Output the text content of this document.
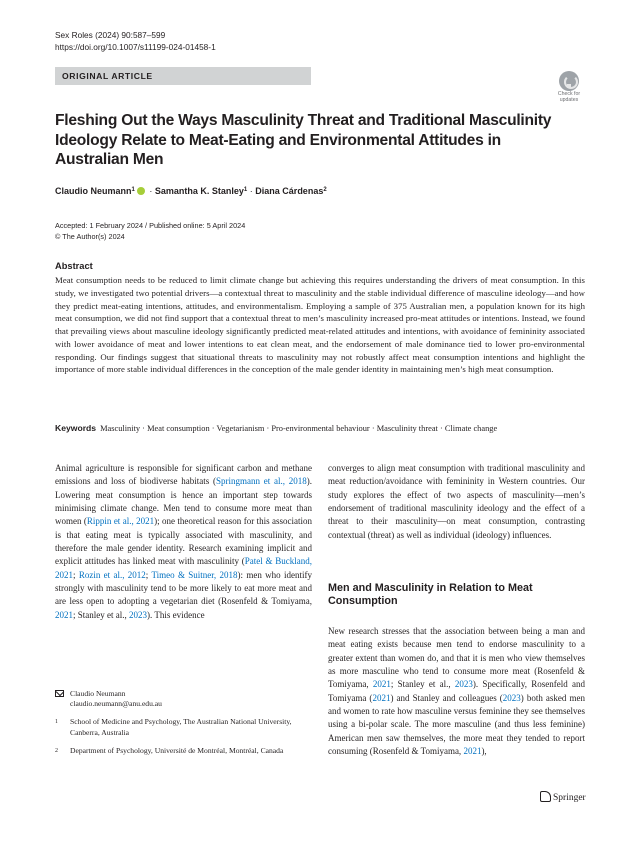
Sex Roles (2024) 90:587–599
https://doi.org/10.1007/s11199-024-01458-1
ORIGINAL ARTICLE
Check for
updates
Fleshing Out the Ways Masculinity Threat and Traditional Masculinity Ideology Relate to Meat-Eating and Environmental Attitudes in Australian Men
Claudio Neumann$^1$ · Samantha K. Stanley$^1$ · Diana Cárdenas$^2$
Accepted: 1 February 2024 / Published online: 5 April 2024
© The Author(s) 2024
Abstract

Meat consumption needs to be reduced to limit climate change but achieving this requires understanding the drivers of meat consumption. In this study, we investigated two potential drivers—a contextual threat to masculinity and the stable individual difference of masculine ideology—and how they predict meat-eating intentions, attitudes, and environmentalism. Employing a sample of 375 Australian men, a population known for its high meat consumption, we did not find support that a contextual threat to men’s masculinity increased pro-meat attitudes or intentions. Instead, we found that prevailing views about masculine ideology significantly predicted meat-related attitudes and intentions, with avoidance of femininity associated with lower avoidance of meat and lower intentions to eat clean meat, and the endorsement of male dominance tied to lower pro-environmental responding. Our findings suggest that situational threats to masculinity may not robustly affect meat consumption intentions and highlight the importance of more stable individual differences in the conception of the male gender identity in maintaining men’s high meat consumption.

Keywords Masculinity · Meat consumption · Vegetarianism · Pro-environmental behaviour · Masculinity threat · Climate change

Animal agriculture is responsible for significant carbon and methane emissions and loss of biodiverse habitats (Springmann et al., 2018). Lowering meat consumption is hence an important step towards minimising climate change. Men tend to consume more meat than women (Rippin et al., 2021); one theoretical reason for this association is that eating meat is typically associated with masculinity, and therefore the male gender identity. Research examining implicit and explicit attitudes has linked meat with masculinity (Patel & Buckland, 2021; Rozin et al., 2012; Timeo & Suitner, 2018): men who identify strongly with masculinity tend to be more likely to eat more meat and are less open to adopting a vegetarian diet (Rosenfeld & Tomiyama, 2021; Stanley et al., 2023). This evidence

converges to align meat consumption with traditional masculinity and meat reduction/avoidance with femininity in Western countries. Our study explores the effect of two aspects of masculinity—men’s endorsement of traditional masculinity ideology and the effect of a threat to their masculinity—on meat consumption, contrasting contextual (threat) as well as individual (ideology) influences.

Men and Masculinity in Relation to Meat Consumption

New research stresses that the association between being a man and meat eating exists because men tend to endorse masculinity to a greater extent than women do, and that it is men who view themselves as more masculine who tend to consume more meat (Rosenfeld & Tomiyama, 2021; Stanley et al., 2023). Specifically, Rosenfeld and Tomiyama (2021) and Stanley and colleagues (2023) both asked men and women to rate how masculine versus feminine they see themselves using a bi-polar scale. The more masculine (and thus less feminine) American men saw themselves, the more meat they tended to report consuming (Rosenfeld & Tomiyama, 2021),

Claudio Neumann
claudio.neumann@anu.edu.au
1 School of Medicine and Psychology, The Australian National University, Canberra, Australia
2 Department of Psychology, Université de Montréal, Montréal, Canada
Springer
